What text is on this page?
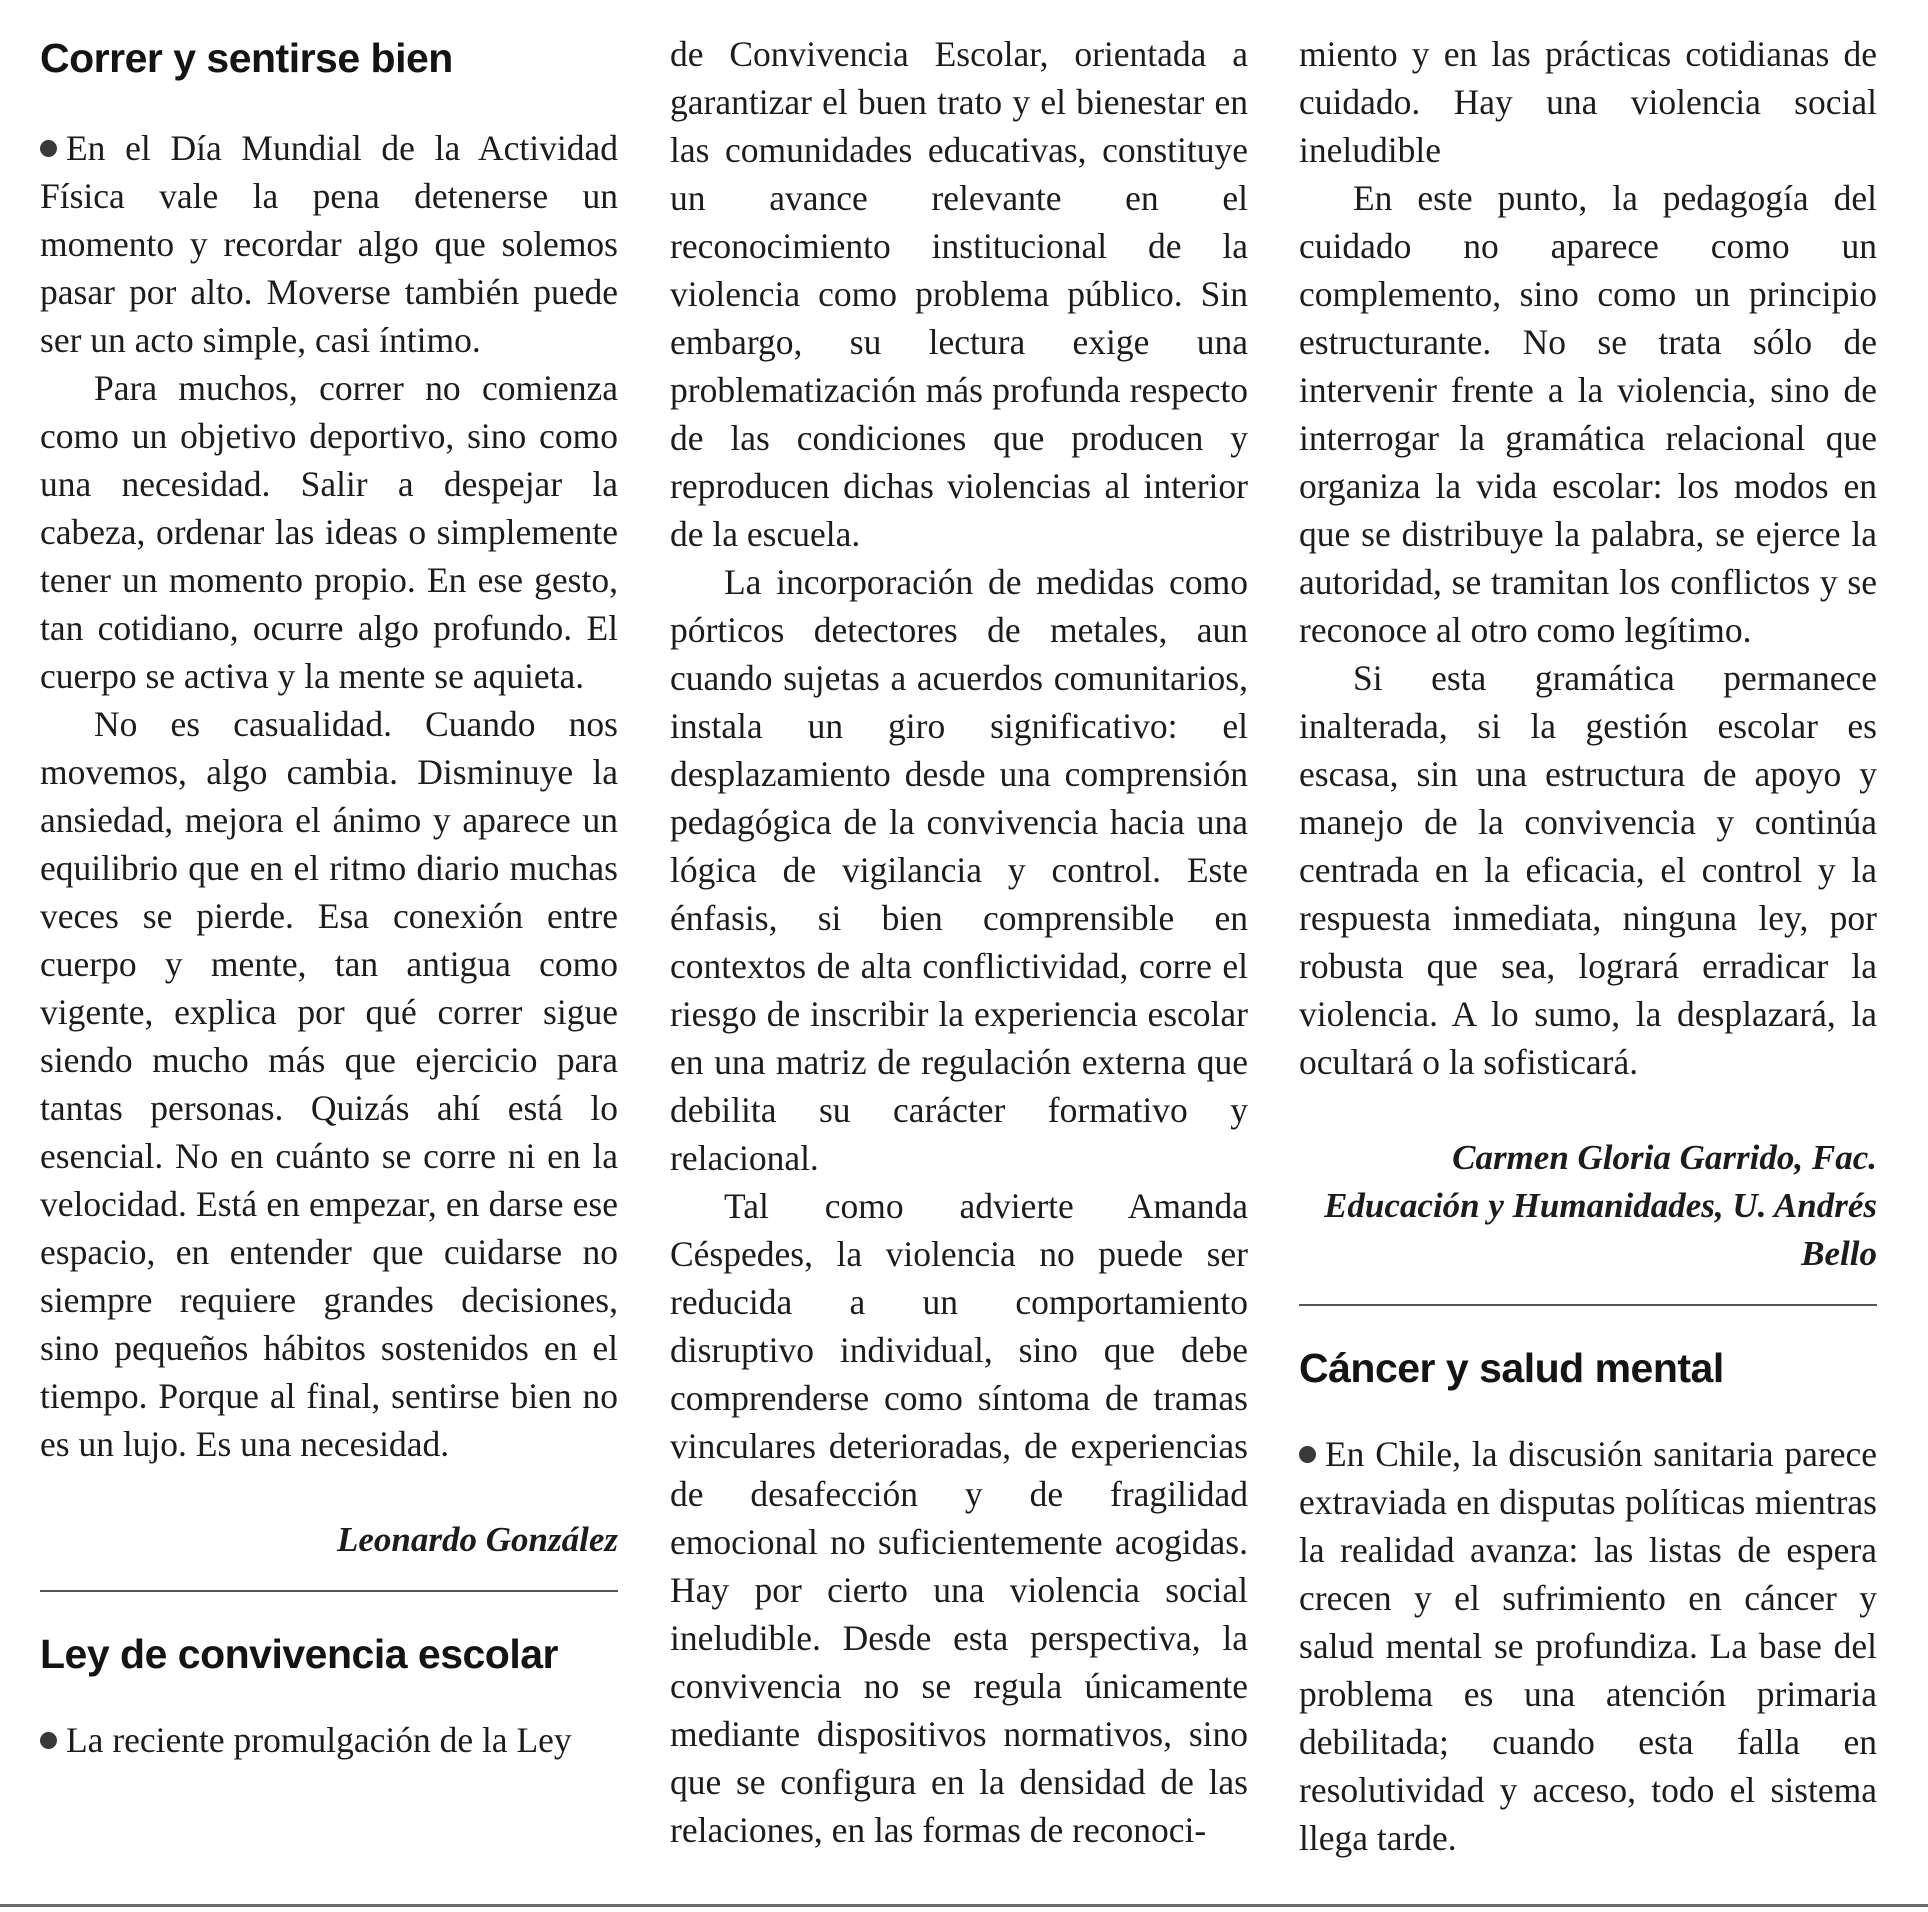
Correr y sentirse bien

En el Día Mundial de la Actividad Física vale la pena detenerse un momento y recordar algo que solemos pasar por alto. Moverse también puede ser un acto simple, casi íntimo.

Para muchos, correr no comienza como un objetivo deportivo, sino como una necesidad. Salir a despejar la cabeza, ordenar las ideas o simplemente tener un momento propio. En ese gesto, tan cotidiano, ocurre algo profundo. El cuerpo se activa y la mente se aquieta.

No es casualidad. Cuando nos movemos, algo cambia. Disminuye la ansiedad, mejora el ánimo y aparece un equilibrio que en el ritmo diario muchas veces se pierde. Esa conexión entre cuerpo y mente, tan antigua como vigente, explica por qué correr sigue siendo mucho más que ejercicio para tantas personas. Quizás ahí está lo esencial. No en cuánto se corre ni en la velocidad. Está en empezar, en darse ese espacio, en entender que cuidarse no siempre requiere grandes decisiones, sino pequeños hábitos sostenidos en el tiempo. Porque al final, sentirse bien no es un lujo. Es una necesidad.

Leonardo González

Ley de convivencia escolar

La reciente promulgación de la Ley

de Convivencia Escolar, orientada a garantizar el buen trato y el bienestar en las comunidades educativas, constituye un avance relevante en el reconocimiento institucional de la violencia como problema público. Sin embargo, su lectura exige una problematización más profunda respecto de las condiciones que producen y reproducen dichas violencias al interior de la escuela.

La incorporación de medidas como pórticos detectores de metales, aun cuando sujetas a acuerdos comunitarios, instala un giro significativo: el desplazamiento desde una comprensión pedagógica de la convivencia hacia una lógica de vigilancia y control. Este énfasis, si bien comprensible en contextos de alta conflictividad, corre el riesgo de inscribir la experiencia escolar en una matriz de regulación externa que debilita su carácter formativo y relacional.

Tal como advierte Amanda Céspedes, la violencia no puede ser reducida a un comportamiento disruptivo individual, sino que debe comprenderse como síntoma de tramas vinculares deterioradas, de experiencias de desafección y de fragilidad emocional no suficientemente acogidas. Hay por cierto una violencia social ineludible. Desde esta perspectiva, la convivencia no se regula únicamente mediante dispositivos normativos, sino que se configura en la densidad de las relaciones, en las formas de reconoci-

miento y en las prácticas cotidianas de cuidado. Hay una violencia social ineludible

En este punto, la pedagogía del cuidado no aparece como un complemento, sino como un principio estructurante. No se trata sólo de intervenir frente a la violencia, sino de interrogar la gramática relacional que organiza la vida escolar: los modos en que se distribuye la palabra, se ejerce la autoridad, se tramitan los conflictos y se reconoce al otro como legítimo.

Si esta gramática permanece inalterada, si la gestión escolar es escasa, sin una estructura de apoyo y manejo de la convivencia y continúa centrada en la eficacia, el control y la respuesta inmediata, ninguna ley, por robusta que sea, logrará erradicar la violencia. A lo sumo, la desplazará, la ocultará o la sofisticará.

Carmen Gloria Garrido, Fac. Educación y Humanidades, U. Andrés Bello

Cáncer y salud mental

En Chile, la discusión sanitaria parece extraviada en disputas políticas mientras la realidad avanza: las listas de espera crecen y el sufrimiento en cáncer y salud mental se profundiza. La base del problema es una atención primaria debilitada; cuando esta falla en resolutividad y acceso, todo el sistema llega tarde.
